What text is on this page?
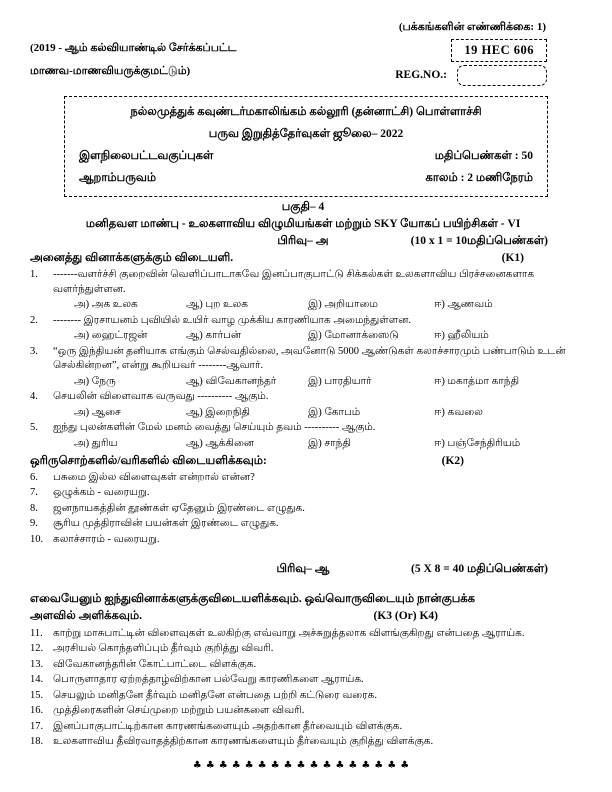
(பக்கங்களின் எண்ணிக்கை: 1)
(2019 - ஆம் கல்வியாண்டில் சேர்க்கப்பட்ட
மாணவ-மாணவியருக்குமட்டும்)
19 HEC 606
REG.NO.:
நல்லமுத்துக் கவுண்டர்மகாலிங்கம் கல்லூரி (தன்னாட்சி) பொள்ளாச்சி
பருவ இறுதித்தேர்வுகள் ஜூலை– 2022
இளநிலைபட்டவகுப்புகள்	மதிப்பெண்கள் : 50
ஆறாம்பருவம்	காலம் : 2 மணிநேரம்
பகுதி– 4
மனிதவள மாண்பு - உலகளாவிய விழுமியங்கள் மற்றும் SKY யோகப் பயிற்சிகள் - VI
பிரிவு– அ	(10 x 1 = 10மதிப்பெண்கள்)
அனைத்து வினாக்களுக்கும் விடையளி.	(K1)
1.	-------வளர்ச்சி குறைவின் வெளிப்பாடாகவே இனப்பாகுபாட்டு சிக்கல்கள் உலகளாவிய பிரச்சனைகளாக வளர்ந்துள்ளன.
அ) அக உலக	ஆ) புற உலக	இ) அறியாமை	ஈ) ஆணவம்
2.	-------- இரசாயனம் புவியில் உயிர் வாழ முக்கிய காரணியாக அமைந்துள்ளன.
அ) ஹைட்ரஜன்	ஆ) கார்பன்	இ) மோனாக்ஸைடு	ஈ) ஹீலியம்
3.	“ஒரு இந்தியன் தனியாக எங்கும் செல்வதில்லை, அவனோடு 5000 ஆண்டுகள் கலாச்சாரமும் பண்பாடும் உடன் செல்கின்றன”, என்று கூறியவர் --------ஆவார்.
அ) நேரு	ஆ) விவேகானந்தர்	இ) பாரதியார்	ஈ) மகாத்மா காந்தி
4.	செயலின் விளைவாக வருவது ---------- ஆகும்.
அ) ஆசை	ஆ) இறைநிதி	இ) கோபம்	ஈ) கவலை
5.	ஐந்து புலன்களின் மேல் மனம் வைத்து செய்யும் தவம் ---------- ஆகும்.
அ) துரிய	ஆ) ஆக்கினை	இ) சாந்தி	ஈ) பஞ்சேந்திரியம்
ஒரிருசொற்களில்/வரிகளில் விடையளிக்கவும்:	(K2)
6.	பசுமை இல்ல விளைவுகள் என்றால் என்ன?
7.	ஒழுக்கம் - வரையறு.
8.	ஜனநாயகத்தின் தூண்கள் ஏதேனும் இரண்டை எழுதுக.
9.	சூரிய முத்திராவின் பயன்கள் இரண்டை எழுதுக.
10. கலாச்சாரம் - வரையறு.
பிரிவு– ஆ	(5 X 8 = 40 மதிப்பெண்கள்)
எவையேனும் ஐந்துவினாக்களுக்குவிடையளிக்கவும். ஒவ்வொருவிடையும் நான்குபக்க
அளவில் அளிக்கவும்.	(K3 (Or) K4)
11. காற்று மாசுபாட்டின் விளைவுகள் உலகிற்கு எவ்வாறு அச்சுறுத்தலாக விளங்குகிறது என்பதை ஆராய்க.
12. அரசியல் கொந்தளிப்பும் தீர்வும் குறித்து விவரி.
13. விவேகானந்தரின் கோட்பாட்டை விளக்குக.
14. பொருளாதார ஏற்றத்தாழ்விற்கான பல்வேறு காரணிகளை ஆராய்க.
15. செயலும் மனிதனே தீர்வும் மனிதனே என்பதை பற்றி கட்டுரை வரைக.
16. முத்திரைகளின் செய்முறை மற்றும் பயன்களை விவரி.
17. இனப்பாகுபாட்டிற்கான காரணங்களையும் அதற்கான தீர்வையும் விளக்குக.
18. உலகளாவிய தீவிரவாதத்திற்கான காரணங்களையும் தீர்வையும் குறித்து விளக்குக.
♣♣♣♣♣♣♣♣♣♣♣♣♣♣♣♣♣
